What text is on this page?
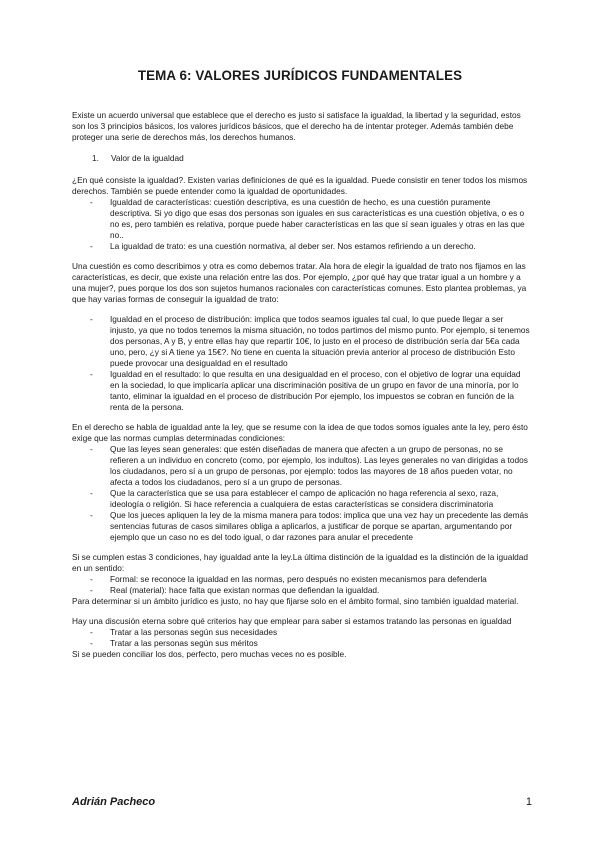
TEMA 6: VALORES JURÍDICOS FUNDAMENTALES

Existe un acuerdo universal que establece que el derecho es justo si satisface la igualdad, la libertad y la seguridad, estos son los 3 principios básicos, los valores jurídicos básicos, que el derecho ha de intentar proteger. Además también debe proteger una serie de derechos más, los derechos humanos.

1.	Valor de la igualdad

¿En qué consiste la igualdad?. Existen varias definiciones de qué es la igualdad. Puede consistir en tener todos los mismos derechos. También se puede entender como la igualdad de oportunidades.

-	Igualdad de características: cuestión descriptiva, es una cuestión de hecho, es una cuestión puramente descriptiva. Si yo digo que esas dos personas son iguales en sus características es una cuestión objetiva, o es o no es, pero también es relativa, porque puede haber características en las que sí sean iguales y otras en las que no..
-	La igualdad de trato: es una cuestión normativa, al deber ser. Nos estamos refiriendo a un derecho.

Una cuestión es como describimos y otra es como debemos tratar. Ala hora de elegir la igualdad de trato nos fijamos en las características, es decir, que existe una relación entre las dos. Por ejemplo, ¿por qué hay que tratar igual a un hombre y a una mujer?, pues porque los dos son sujetos humanos racionales con características comunes. Esto plantea problemas, ya que hay varias formas de conseguir la igualdad de trato:

-	Igualdad en el proceso de distribución: implica que todos seamos iguales tal cual, lo que puede llegar a ser injusto, ya que no todos tenemos la misma situación, no todos partimos del mismo punto. Por ejemplo, si tenemos dos personas, A y B, y entre ellas hay que repartir 10€, lo justo en el proceso de distribución sería dar 5€a cada uno, pero, ¿y si A tiene ya 15€?. No tiene en cuenta la situación previa anterior al proceso de distribución Esto puede provocar una desigualdad en el resultado
-	Igualdad en el resultado: lo que resulta en una desigualdad en el proceso, con el objetivo de lograr una equidad en la sociedad, lo que implicaría aplicar una discriminación positiva de un grupo en favor de una minoría, por lo tanto, eliminar la igualdad en el proceso de distribución Por ejemplo, los impuestos se cobran en función de la renta de la persona.

En el derecho se habla de igualdad ante la ley, que se resume con la idea de que todos somos iguales ante la ley, pero ésto exige que las normas cumplas determinadas condiciones:

-	Que las leyes sean generales: que estén diseñadas de manera que afecten a un grupo de personas, no se refieren a un individuo en concreto (como, por ejemplo, los indultos). Las leyes generales no van dirigidas a todos los ciudadanos, pero sí a un grupo de personas, por ejemplo: todos las mayores de 18 años pueden votar, no afecta a todos los ciudadanos, pero sí a un grupo de personas.
-	Que la característica que se usa para establecer el campo de aplicación no haga referencia al sexo, raza, ideología o religión. Si hace referencia a cualquiera de estas características se considera discriminatoria
-	Que los jueces apliquen la ley de la misma manera para todos: implica que una vez hay un precedente las demás sentencias futuras de casos similares obliga a aplicarlos, a justificar de porque se apartan, argumentando por ejemplo que un caso no es del todo igual, o dar razones para anular el precedente

Si se cumplen estas 3 condiciones, hay igualdad ante la ley.La última distinción de la igualdad es la distinción de la igualdad en un sentido:

-	Formal: se reconoce la igualdad en las normas, pero después no existen mecanismos para defenderla
-	Real (material): hace falta que existan normas que defiendan la igualdad.

Para determinar si un ámbito jurídico es justo, no hay que fijarse solo en el ámbito formal, sino también igualdad material.

Hay una discusión eterna sobre qué criterios hay que emplear para saber si estamos tratando las personas en igualdad

-	Tratar a las personas según sus necesidades
-	Tratar a las personas según sus méritos

Si se pueden conciliar los dos, perfecto, pero muchas veces no es posible.

Adrián Pacheco	1
